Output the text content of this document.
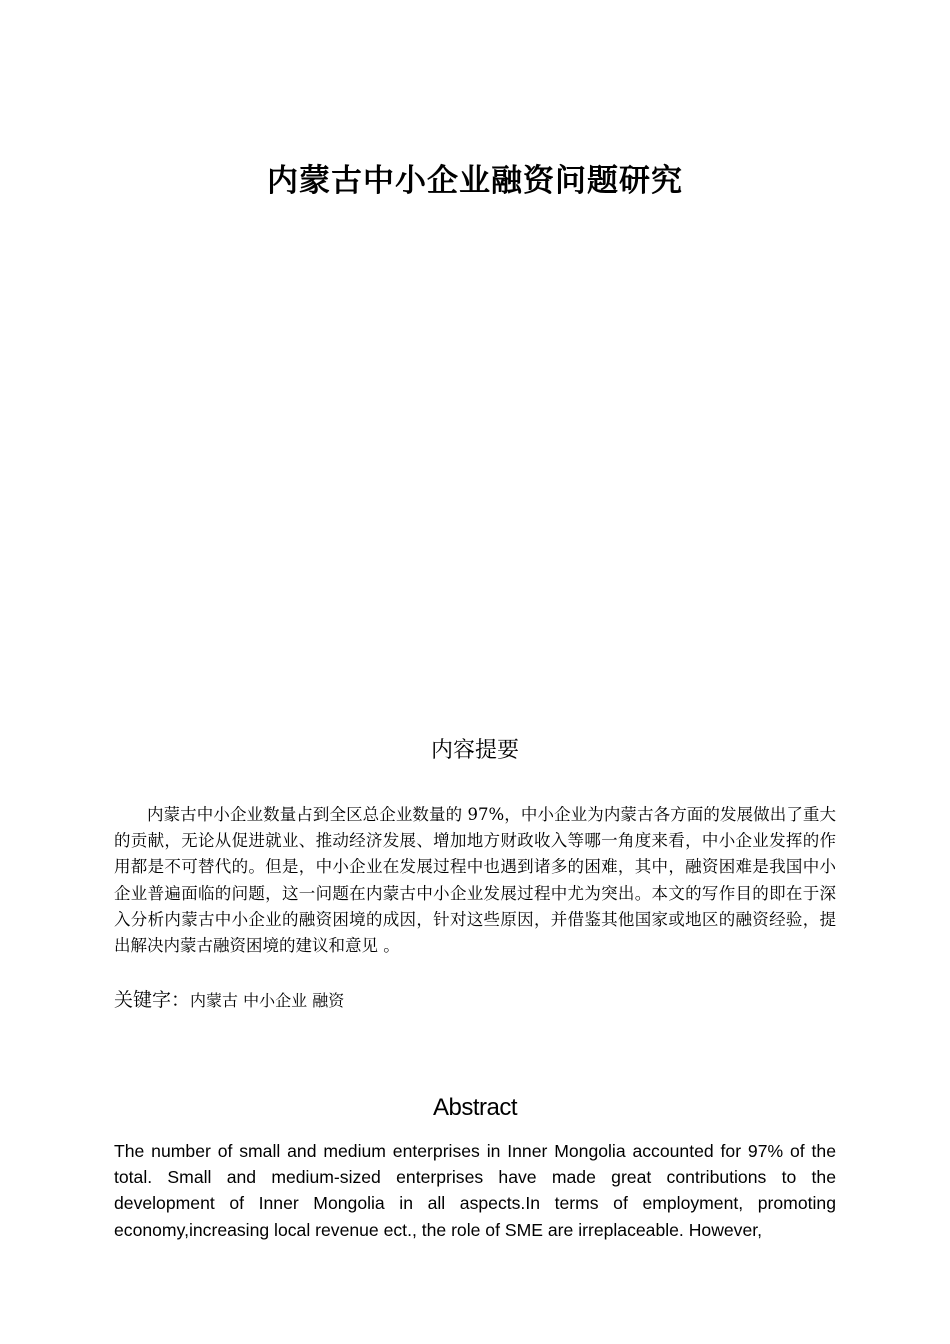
内蒙古中小企业融资问题研究
内容提要

内蒙古中小企业数量占到全区总企业数量的 97%，中小企业为内蒙古各方面的发展做出了重大的贡献，无论从促进就业、推动经济发展、增加地方财政收入等哪一角度来看，中小企业发挥的作用都是不可替代的。但是，中小企业在发展过程中也遇到诸多的困难，其中，融资困难是我国中小企业普遍面临的问题，这一问题在内蒙古中小企业发展过程中尤为突出。本文的写作目的即在于深入分析内蒙古中小企业的融资困境的成因，针对这些原因，并借鉴其他国家或地区的融资经验，提出解决内蒙古融资困境的建议和意见 。

关键字：内蒙古 中小企业 融资

Abstract

The number of small and medium enterprises in Inner Mongolia accounted for 97% of the total. Small and medium-sized enterprises have made great contributions to the development of Inner Mongolia in all aspects.In terms of employment, promoting economy,increasing local revenue ect., the role of SME are irreplaceable. However,
